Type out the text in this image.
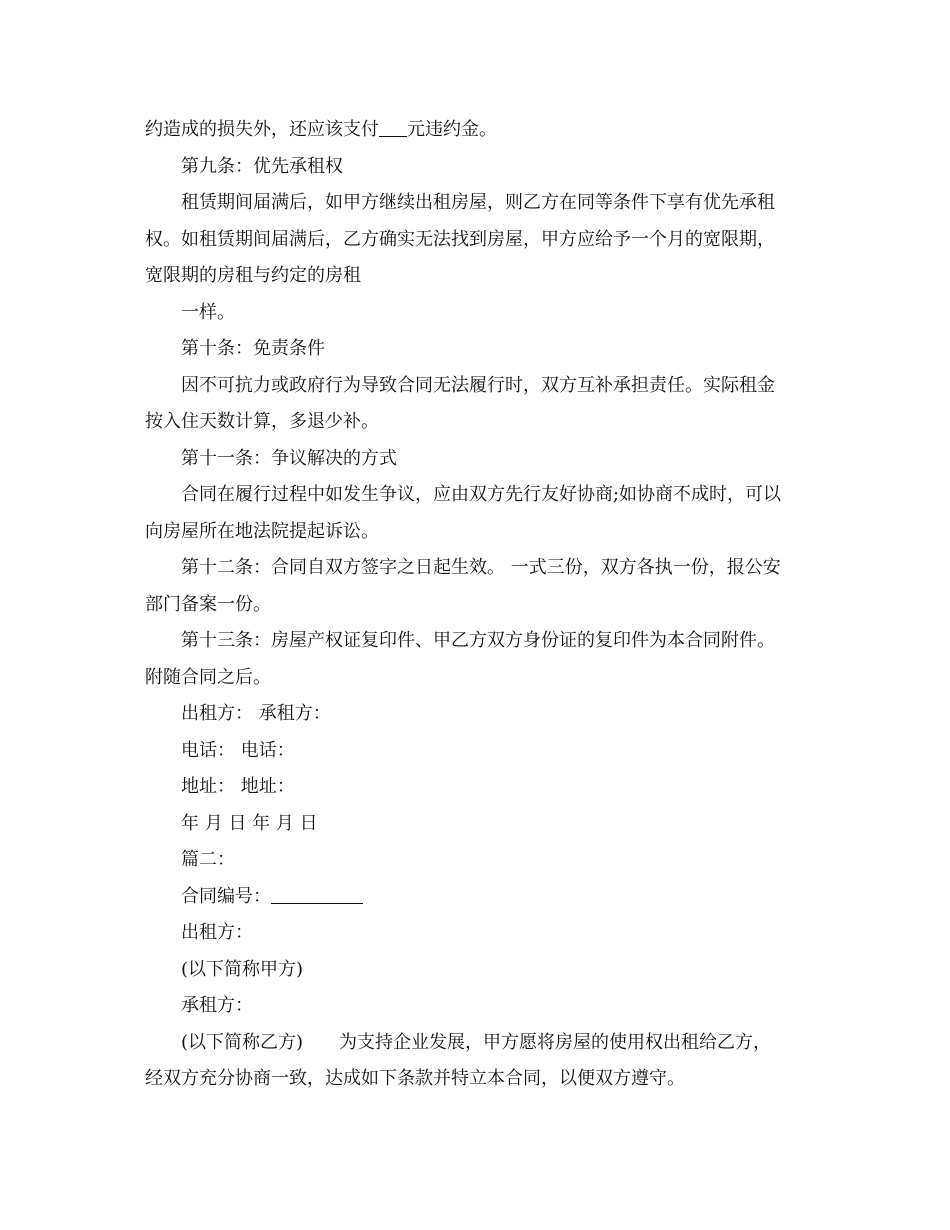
约造成的损失外，还应该支付 元违约金。
第九条：优先承租权
租赁期间届满后，如甲方继续出租房屋，则乙方在同等条件下享有优先承租
权。如租赁期间届满后，乙方确实无法找到房屋，甲方应给予一个月的宽限期，
宽限期的房租与约定的房租
一样。
第十条：免责条件
因不可抗力或政府行为导致合同无法履行时，双方互补承担责任。实际租金
按入住天数计算，多退少补。
第十一条：争议解决的方式
合同在履行过程中如发生争议，应由双方先行友好协商;如协商不成时，可以
向房屋所在地法院提起诉讼。
第十二条：合同自双方签字之日起生效。 一式三份，双方各执一份，报公安
部门备案一份。
第十三条：房屋产权证复印件、甲乙方双方身份证的复印件为本合同附件。
附随合同之后。
出租方： 承租方：
电话： 电话：
地址： 地址：
年 月 日 年 月 日
篇二：
合同编号：
出租方：
(以下简称甲方)
承租方：
(以下简称乙方) 为支持企业发展，甲方愿将房屋的使用权出租给乙方，
经双方充分协商一致，达成如下条款并特立本合同，以便双方遵守。
